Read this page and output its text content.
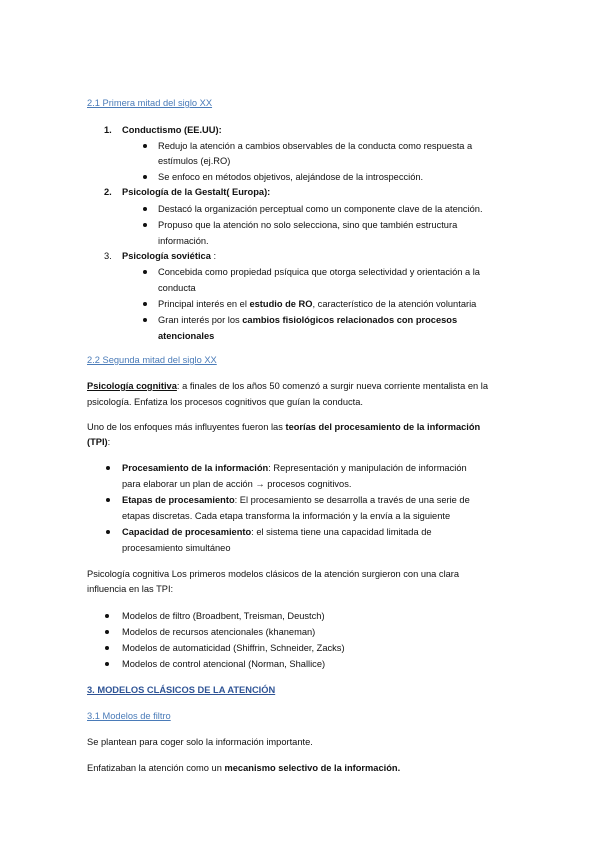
2.1 Primera mitad del siglo XX
1. Conductismo (EE.UU):
Redujo la atención a cambios observables de la conducta como respuesta a
estímulos (ej.RO)
Se enfoco en métodos objetivos, alejándose de la introspección.
2. Psicología de la Gestalt( Europa):
Destacó la organización perceptual como un componente clave de la atención.
Propuso que la atención no solo selecciona, sino que también estructura
información.
3. Psicología soviética :
Concebida como propiedad psíquica que otorga selectividad y orientación a la
conducta
Principal interés en el estudio de RO, característico de la atención voluntaria
Gran interés por los cambios fisiológicos relacionados con procesos
atencionales
2.2 Segunda mitad del siglo XX
Psicología cognitiva: a finales de los años 50 comenzó a surgir nueva corriente mentalista en la
psicología. Enfatiza los procesos cognitivos que guían la conducta.
Uno de los enfoques más influyentes fueron las teorías del procesamiento de la información
(TPI):
Procesamiento de la información: Representación y manipulación de información
para elaborar un plan de acción → procesos cognitivos.
Etapas de procesamiento: El procesamiento se desarrolla a través de una serie de
etapas discretas. Cada etapa transforma la información y la envía a la siguiente
Capacidad de procesamiento: el sistema tiene una capacidad limitada de
procesamiento simultáneo
Psicología cognitiva Los primeros modelos clásicos de la atención surgieron con una clara
influencia en las TPI:
Modelos de filtro (Broadbent, Treisman, Deustch)
Modelos de recursos atencionales (khaneman)
Modelos de automaticidad (Shiffrin, Schneider, Zacks)
Modelos de control atencional (Norman, Shallice)
3. MODELOS CLÁSICOS DE LA ATENCIÓN
3.1 Modelos de filtro
Se plantean para coger solo la información importante.
Enfatizaban la atención como un mecanismo selectivo de la información.
